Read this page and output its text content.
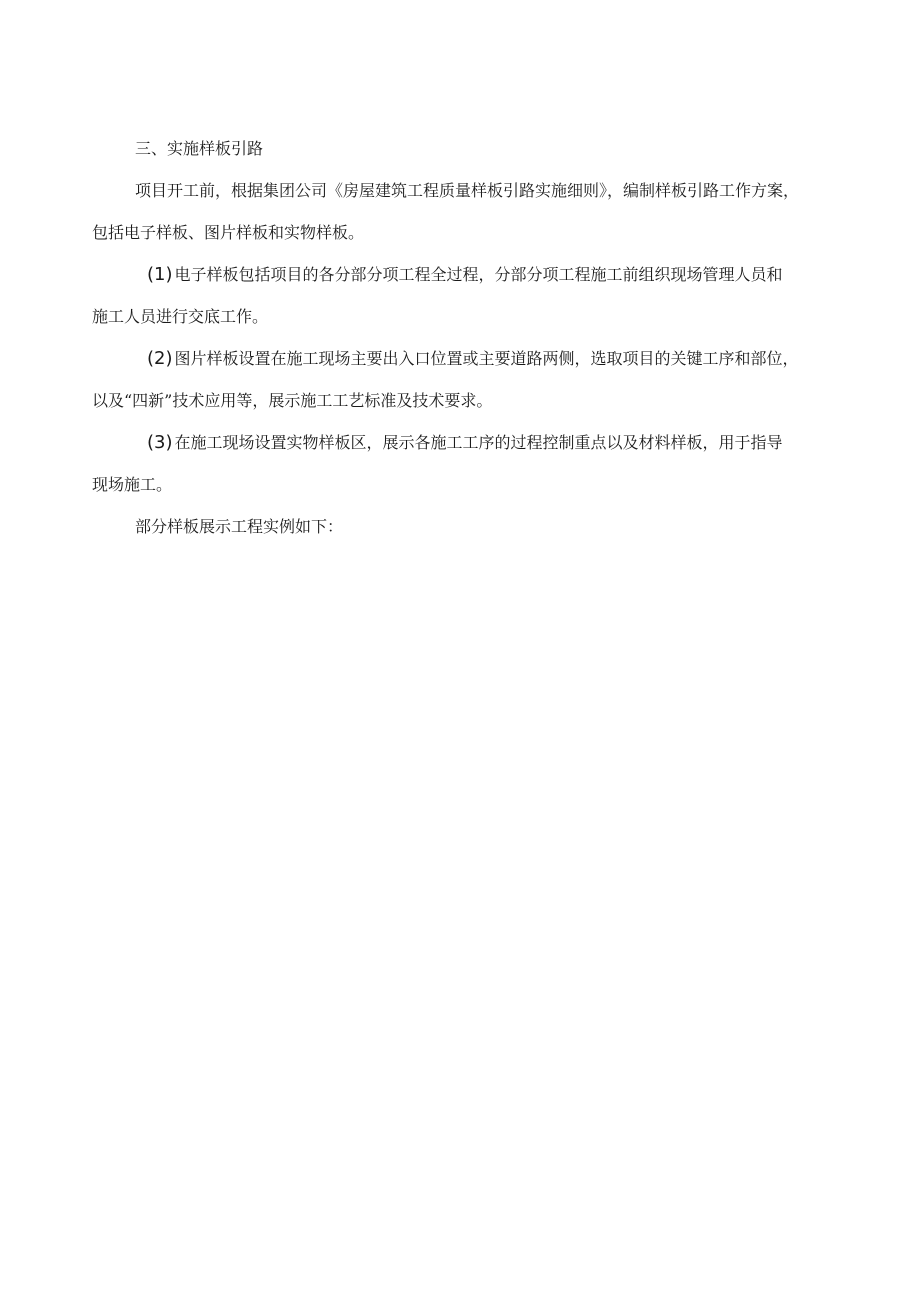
三、实施样板引路
项目开工前，根据集团公司《房屋建筑工程质量样板引路实施细则》，编制样板引路工作方案，
包括电子样板、图片样板和实物样板。
(1) 电子样板包括项目的各分部分项工程全过程，分部分项工程施工前组织现场管理人员和
施工人员进行交底工作。
(2) 图片样板设置在施工现场主要出入口位置或主要道路两侧，选取项目的关键工序和部位，
以及“四新”技术应用等，展示施工工艺标准及技术要求。
(3) 在施工现场设置实物样板区，展示各施工工序的过程控制重点以及材料样板，用于指导
现场施工。
部分样板展示工程实例如下：
